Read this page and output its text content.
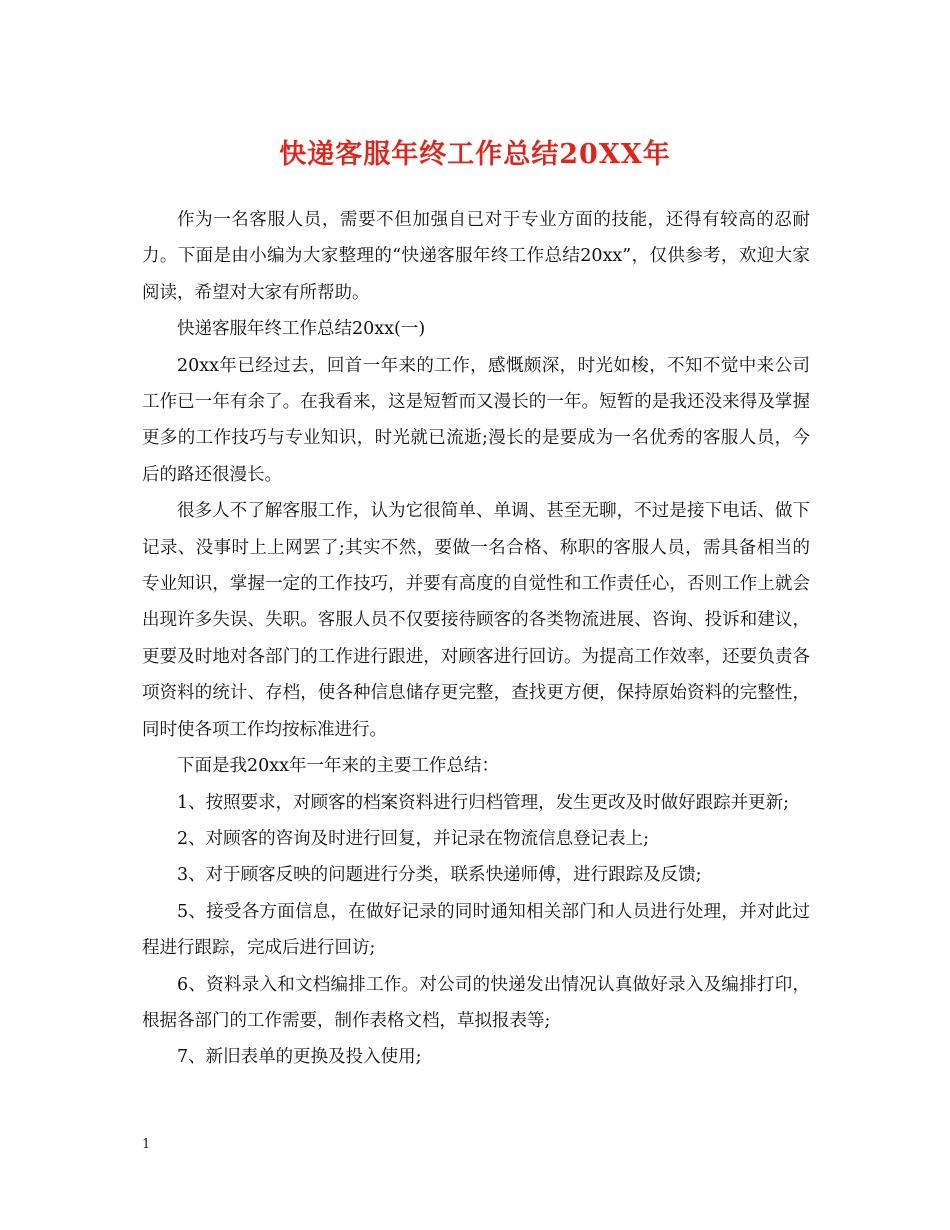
快递客服年终工作总结20XX年

作为一名客服人员，需要不但加强自已对于专业方面的技能，还得有较高的忍耐力。下面是由小编为大家整理的“快递客服年终工作总结20xx”，仅供参考，欢迎大家阅读，希望对大家有所帮助。

快递客服年终工作总结20xx(一)

20xx年已经过去，回首一年来的工作，感慨颇深，时光如梭，不知不觉中来公司工作已一年有余了。在我看来，这是短暂而又漫长的一年。短暂的是我还没来得及掌握更多的工作技巧与专业知识，时光就已流逝;漫长的是要成为一名优秀的客服人员，今后的路还很漫长。

很多人不了解客服工作，认为它很简单、单调、甚至无聊，不过是接下电话、做下记录、没事时上上网罢了;其实不然，要做一名合格、称职的客服人员，需具备相当的专业知识，掌握一定的工作技巧，并要有高度的自觉性和工作责任心，否则工作上就会出现许多失误、失职。客服人员不仅要接待顾客的各类物流进展、咨询、投诉和建议，更要及时地对各部门的工作进行跟进，对顾客进行回访。为提高工作效率，还要负责各项资料的统计、存档，使各种信息储存更完整，查找更方便，保持原始资料的完整性，同时使各项工作均按标准进行。

下面是我20xx年一年来的主要工作总结：

1、按照要求，对顾客的档案资料进行归档管理，发生更改及时做好跟踪并更新;

2、对顾客的咨询及时进行回复，并记录在物流信息登记表上;

3、对于顾客反映的问题进行分类，联系快递师傅，进行跟踪及反馈;

5、接受各方面信息，在做好记录的同时通知相关部门和人员进行处理，并对此过程进行跟踪，完成后进行回访;

6、资料录入和文档编排工作。对公司的快递发出情况认真做好录入及编排打印，根据各部门的工作需要，制作表格文档，草拟报表等;

7、新旧表单的更换及投入使用;

1
